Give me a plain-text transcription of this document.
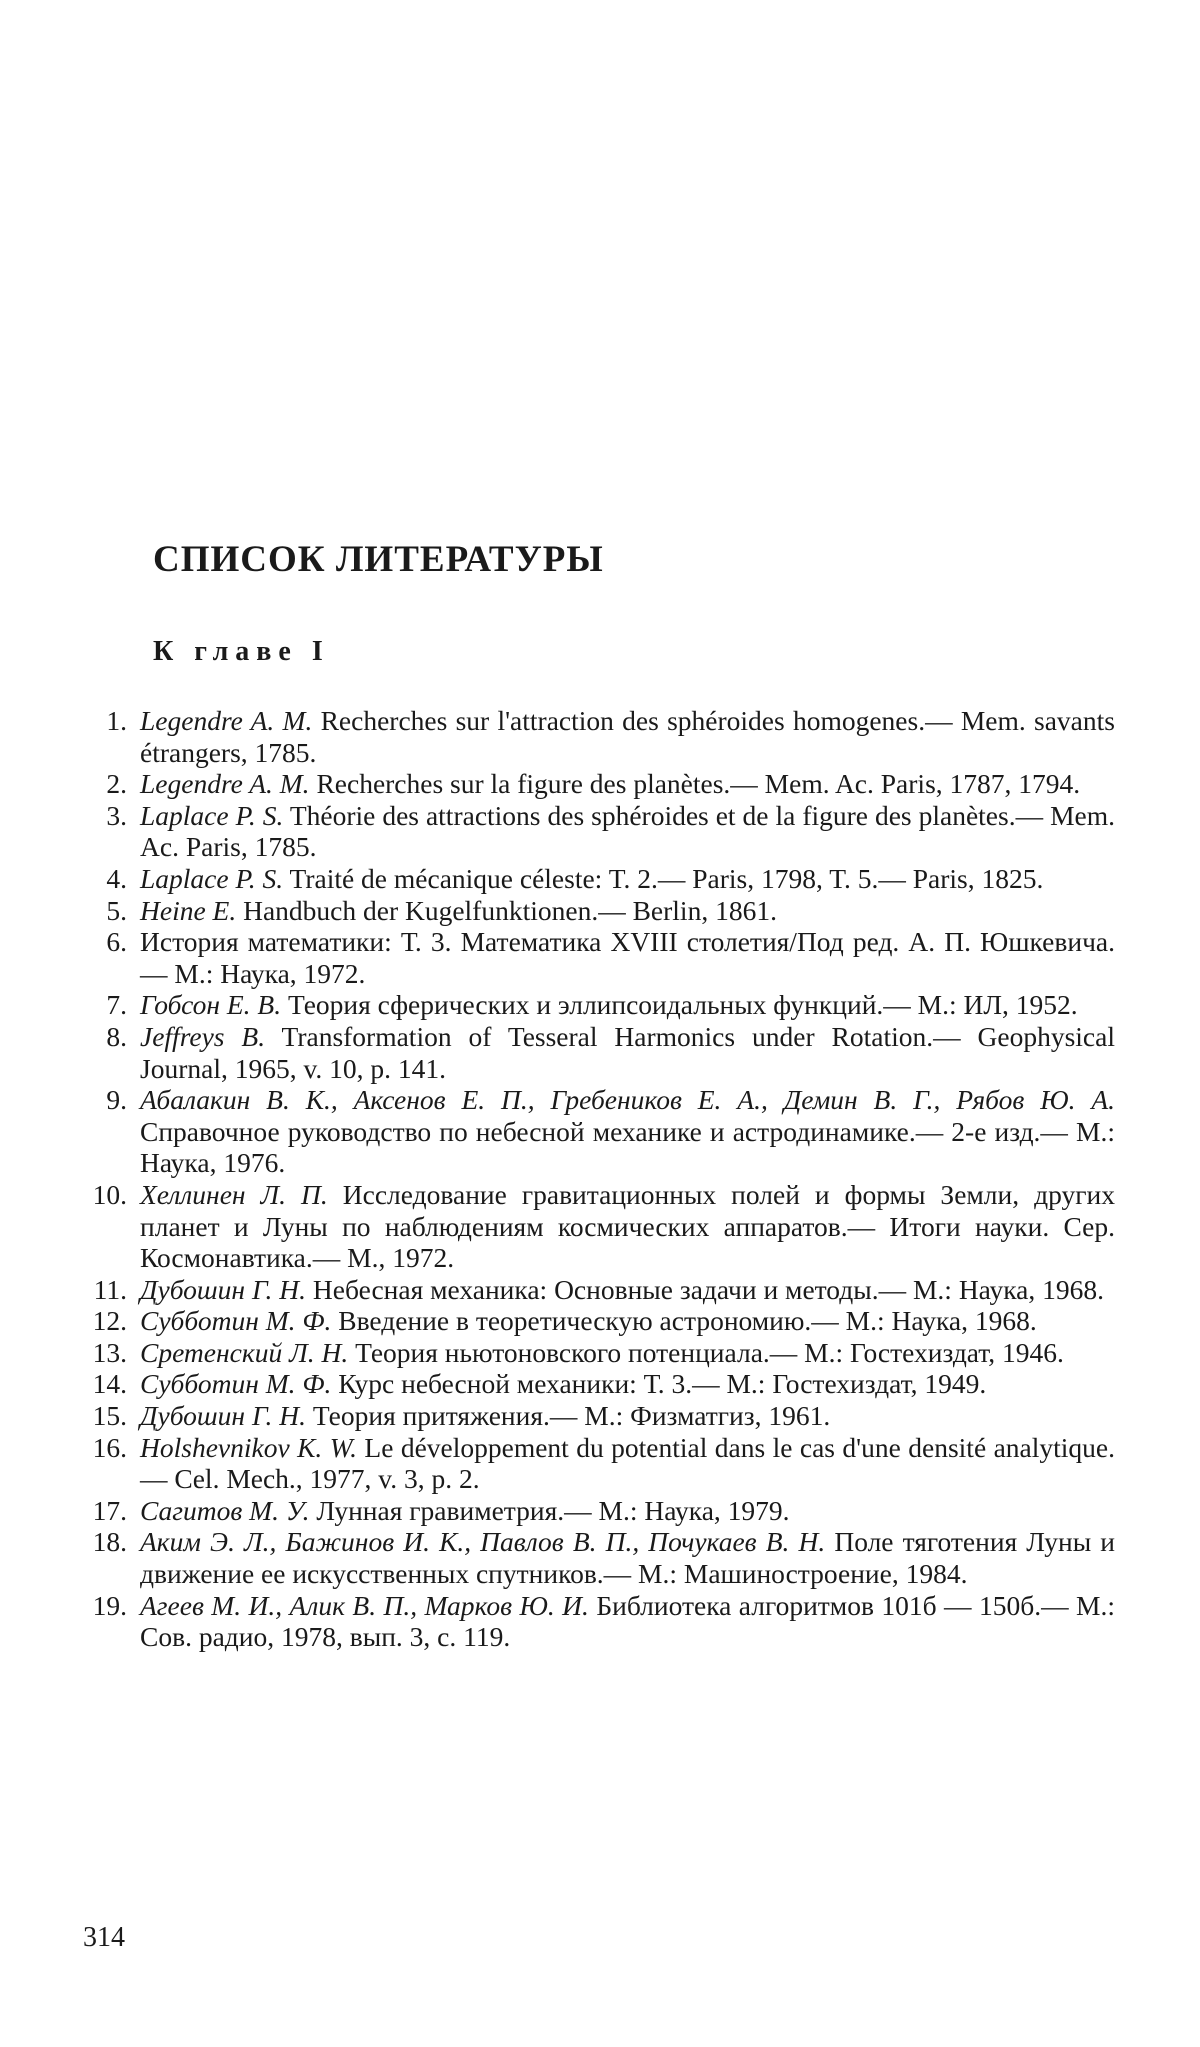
СПИСОК ЛИТЕРАТУРЫ
К главе I
1. Legendre A. M. Recherches sur l'attraction des sphéroides homogenes.— Mem. savants étrangers, 1785.
2. Legendre A. M. Recherches sur la figure des planètes.— Mem. Ac. Paris, 1787, 1794.
3. Laplace P. S. Théorie des attractions des sphéroides et de la figure des planètes.— Mem. Ac. Paris, 1785.
4. Laplace P. S. Traité de mécanique céleste: T. 2.— Paris, 1798, T. 5.— Paris, 1825.
5. Heine E. Handbuch der Kugelfunktionen.— Berlin, 1861.
6. История математики: Т. 3. Математика XVIII столетия/Под ред. А. П. Юшкевича.— М.: Наука, 1972.
7. Гобсон Е. В. Теория сферических и эллипсоидальных функций.— М.: ИЛ, 1952.
8. Jeffreys B. Transformation of Tesseral Harmonics under Rotation.— Geophysical Journal, 1965, v. 10, p. 141.
9. Абалакин В. К., Аксенов Е. П., Гребеников Е. А., Демин В. Г., Рябов Ю. А. Справочное руководство по небесной механике и астродинамике.— 2-е изд.— М.: Наука, 1976.
10. Хеллинен Л. П. Исследование гравитационных полей и формы Земли, других планет и Луны по наблюдениям космических аппаратов.— Итоги науки. Сер. Космонавтика.— М., 1972.
11. Дубошин Г. Н. Небесная механика: Основные задачи и методы.— М.: Наука, 1968.
12. Субботин М. Ф. Введение в теоретическую астрономию.— М.: Наука, 1968.
13. Сретенский Л. Н. Теория ньютоновского потенциала.— М.: Гостехиздат, 1946.
14. Субботин М. Ф. Курс небесной механики: Т. 3.— М.: Гостехиздат, 1949.
15. Дубошин Г. Н. Теория притяжения.— М.: Физматгиз, 1961.
16. Holshevnikov K. W. Le développement du potential dans le cas d'une densité analytique.— Cel. Mech., 1977, v. 3, p. 2.
17. Сагитов М. У. Лунная гравиметрия.— М.: Наука, 1979.
18. Аким Э. Л., Бажинов И. К., Павлов В. П., Почукаев В. Н. Поле тяготения Луны и движение ее искусственных спутников.— М.: Машиностроение, 1984.
19. Агеев М. И., Алик В. П., Марков Ю. И. Библиотека алгоритмов 101б — 150б.— М.: Сов. радио, 1978, вып. 3, с. 119.
314
